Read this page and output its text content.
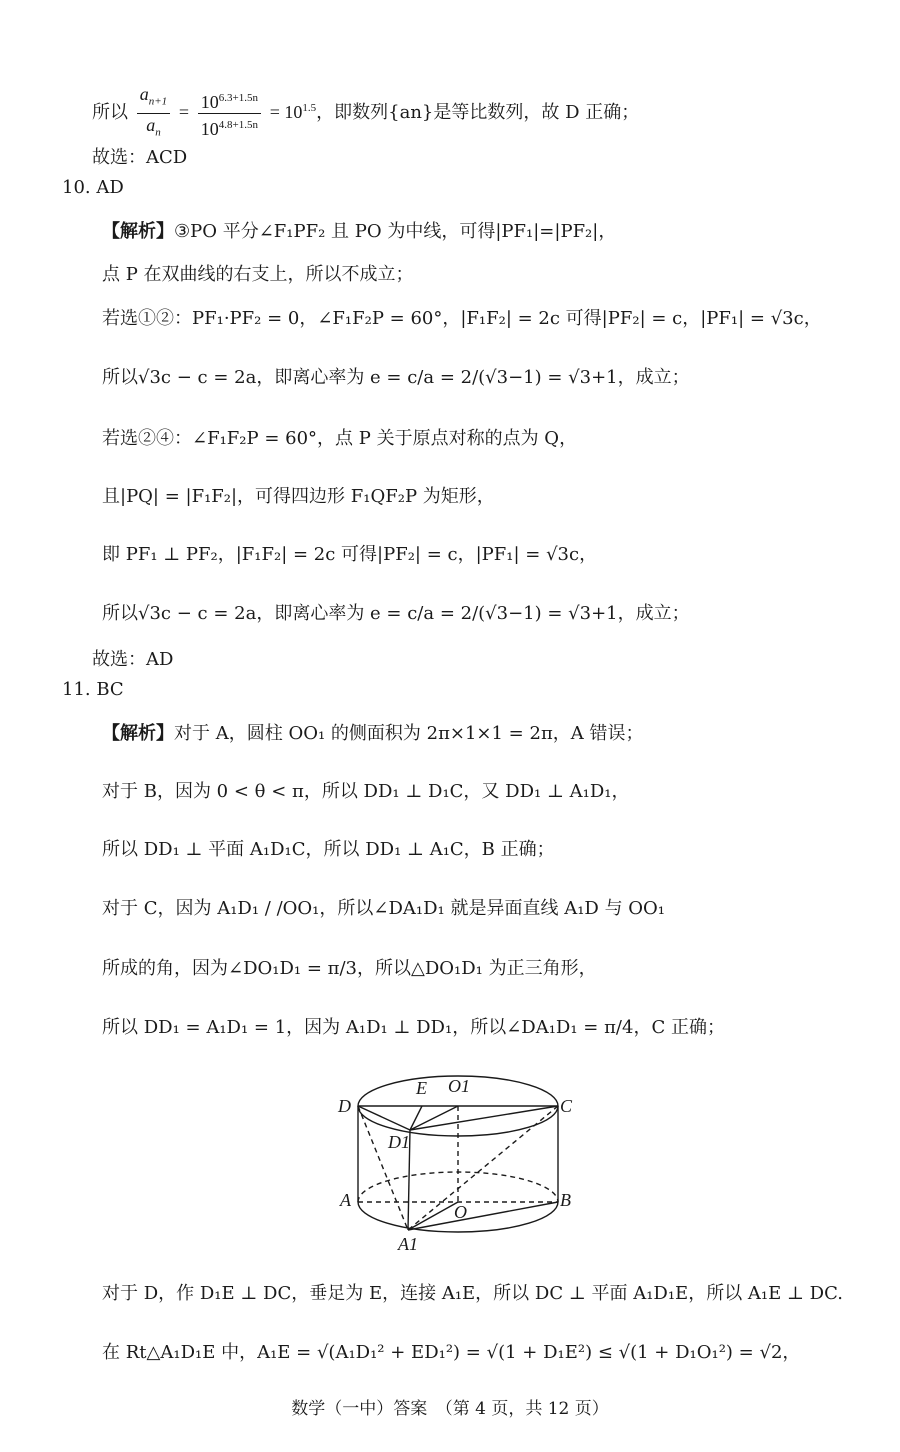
所以 $\frac{a_{n+1}}{a_n} = \frac{10^{6.3+1.5n}}{10^{4.8+1.5n}} = 10^{1.5}$，即数列{an}是等比数列，故 D 正确；
故选：ACD
10. AD
【解析】③PO 平分∠F₁PF₂ 且 PO 为中线，可得|PF₁|=|PF₂|，
点 P 在双曲线的右支上，所以不成立；
若选①②：PF₁·PF₂ = 0，∠F₁F₂P = 60°，|F₁F₂| = 2c 可得|PF₂| = c，|PF₁| = √3c，
所以√3c − c = 2a，即离心率为 e = c/a = 2/(√3−1) = √3+1，成立；
若选②④：∠F₁F₂P = 60°，点 P 关于原点对称的点为 Q，
且|PQ| = |F₁F₂|，可得四边形 F₁QF₂P 为矩形，
即 PF₁ ⊥ PF₂，|F₁F₂| = 2c 可得|PF₂| = c，|PF₁| = √3c，
所以√3c − c = 2a，即离心率为 e = c/a = 2/(√3−1) = √3+1，成立；
故选：AD
11. BC
【解析】对于 A，圆柱 OO₁ 的侧面积为 2π×1×1 = 2π，A 错误；
对于 B，因为 0 < θ < π，所以 DD₁ ⊥ D₁C，又 DD₁ ⊥ A₁D₁，
所以 DD₁ ⊥ 平面 A₁D₁C，所以 DD₁ ⊥ A₁C，B 正确；
对于 C，因为 A₁D₁ / /OO₁，所以∠DA₁D₁ 就是异面直线 A₁D 与 OO₁
所成的角，因为∠DO₁D₁ = π/3，所以△DO₁D₁ 为正三角形，
所以 DD₁ = A₁D₁ = 1，因为 A₁D₁ ⊥ DD₁，所以∠DA₁D₁ = π/4，C 正确；
D
E O1
C
D1
A
O
B
A1
对于 D，作 D₁E ⊥ DC，垂足为 E，连接 A₁E，所以 DC ⊥ 平面 A₁D₁E，所以 A₁E ⊥ DC.
在 Rt△A₁D₁E 中，A₁E = √(A₁D₁² + ED₁²) = √(1 + D₁E²) ≤ √(1 + D₁O₁²) = √2，
数学（一中）答案　（第 4 页，共 12 页）
